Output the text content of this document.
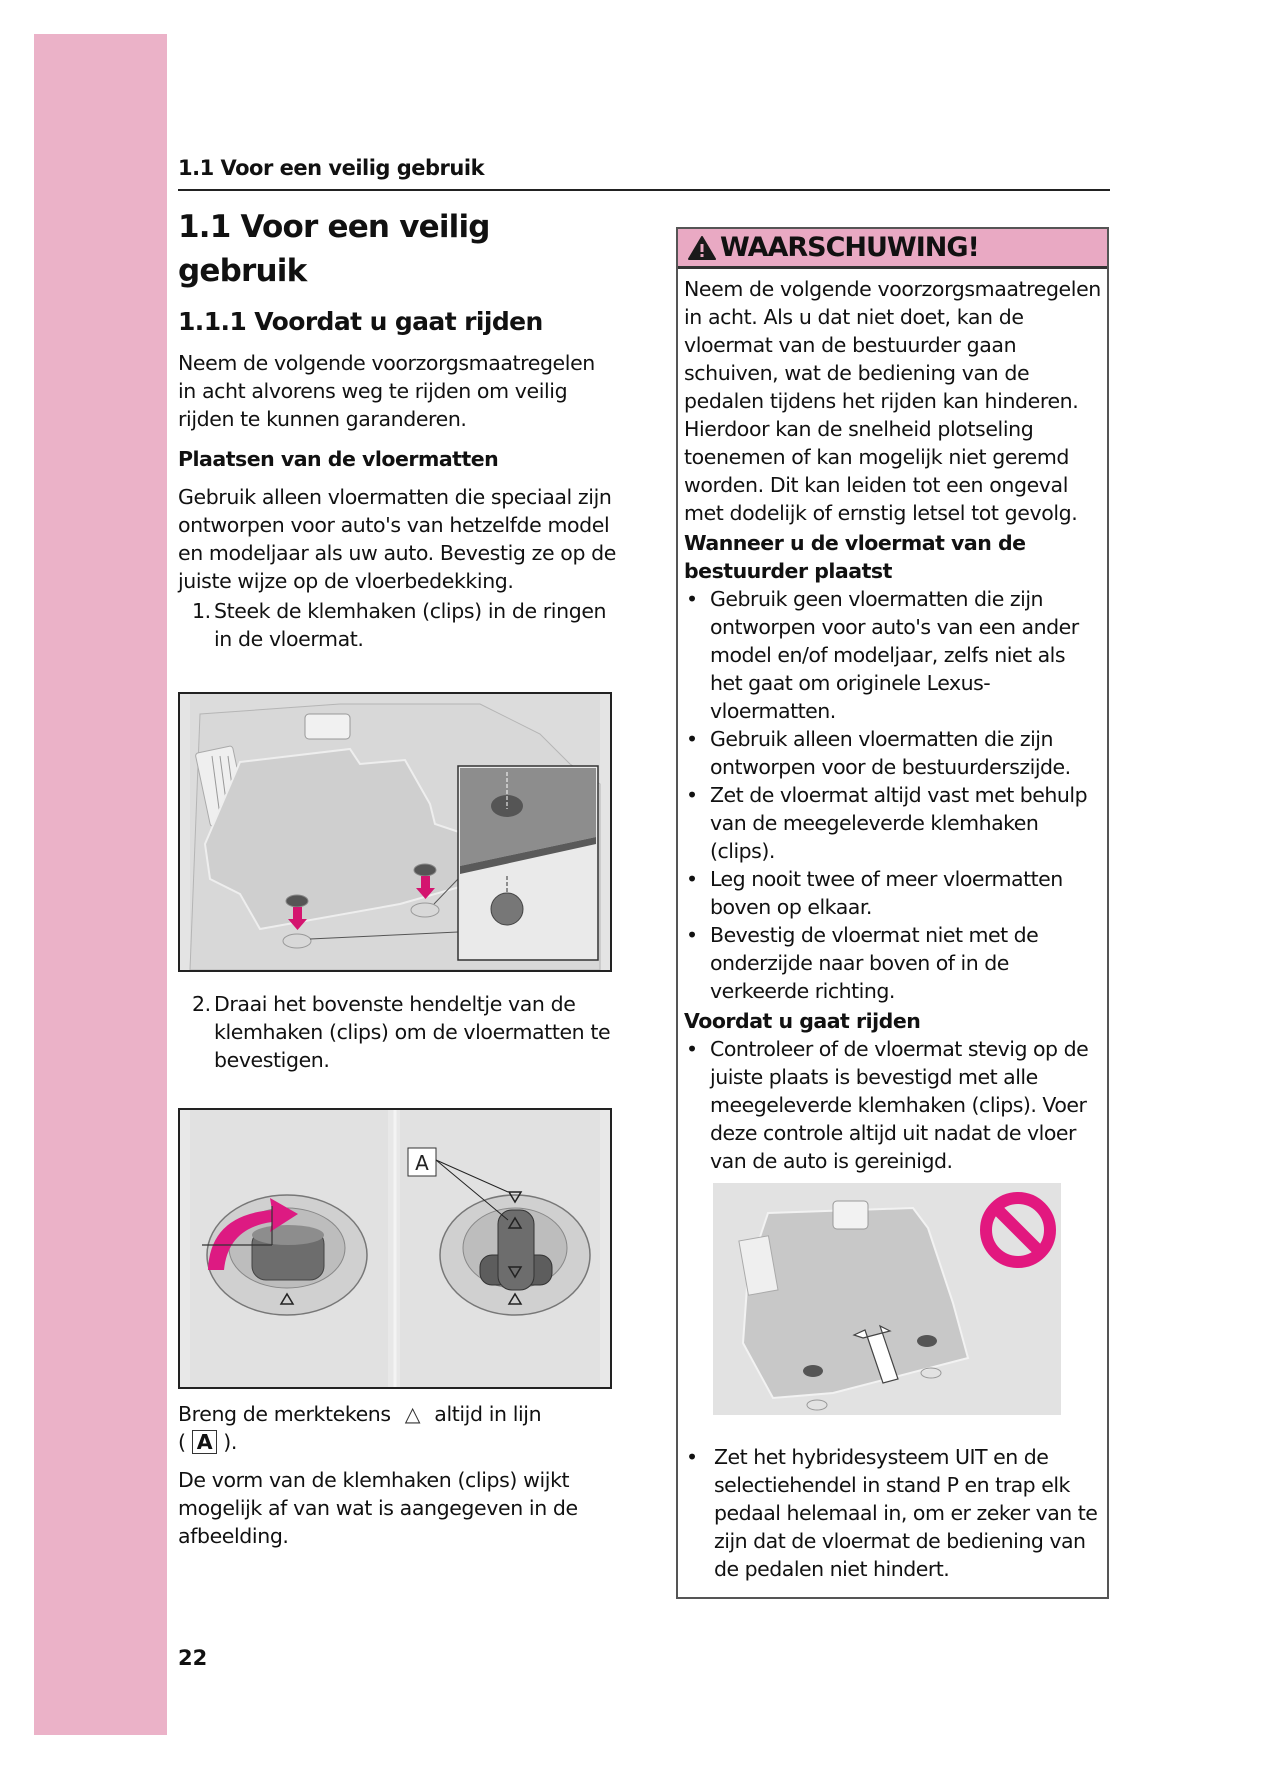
1.1 Voor een veilig gebruik
1.1 Voor een veilig gebruik
1.1.1 Voordat u gaat rijden

Neem de volgende voorzorgsmaatregelen in acht alvorens weg te rijden om veilig rijden te kunnen garanderen.

Plaatsen van de vloermatten

Gebruik alleen vloermatten die speciaal zijn ontworpen voor auto's van hetzelfde model en modeljaar als uw auto. Bevestig ze op de juiste wijze op de vloerbedekking.

1. Steek de klemhaken (clips) in de ringen in de vloermat.
2. Draai het bovenste hendeltje van de klemhaken (clips) om de vloermatten te bevestigen.
A

Breng de merktekens △ altijd in lijn
( A ).

De vorm van de klemhaken (clips) wijkt mogelijk af van wat is aangegeven in de afbeelding.

22
WAARSCHUWING!

Neem de volgende voorzorgsmaatregelen in acht. Als u dat niet doet, kan de vloermat van de bestuurder gaan schuiven, wat de bediening van de pedalen tijdens het rijden kan hinderen. Hierdoor kan de snelheid plotseling toenemen of kan mogelijk niet geremd worden. Dit kan leiden tot een ongeval met dodelijk of ernstig letsel tot gevolg.

Wanneer u de vloermat van de bestuurder plaatst

• Gebruik geen vloermatten die zijn ontworpen voor auto's van een ander model en/of modeljaar, zelfs niet als het gaat om originele Lexus-vloermatten.
• Gebruik alleen vloermatten die zijn ontworpen voor de bestuurderszijde.
• Zet de vloermat altijd vast met behulp van de meegeleverde klemhaken (clips).
• Leg nooit twee of meer vloermatten boven op elkaar.
• Bevestig de vloermat niet met de onderzijde naar boven of in de verkeerde richting.

Voordat u gaat rijden

• Controleer of de vloermat stevig op de juiste plaats is bevestigd met alle meegeleverde klemhaken (clips). Voer deze controle altijd uit nadat de vloer van de auto is gereinigd.
• Zet het hybridesysteem UIT en de selectiehendel in stand P en trap elk pedaal helemaal in, om er zeker van te zijn dat de vloermat de bediening van de pedalen niet hindert.
